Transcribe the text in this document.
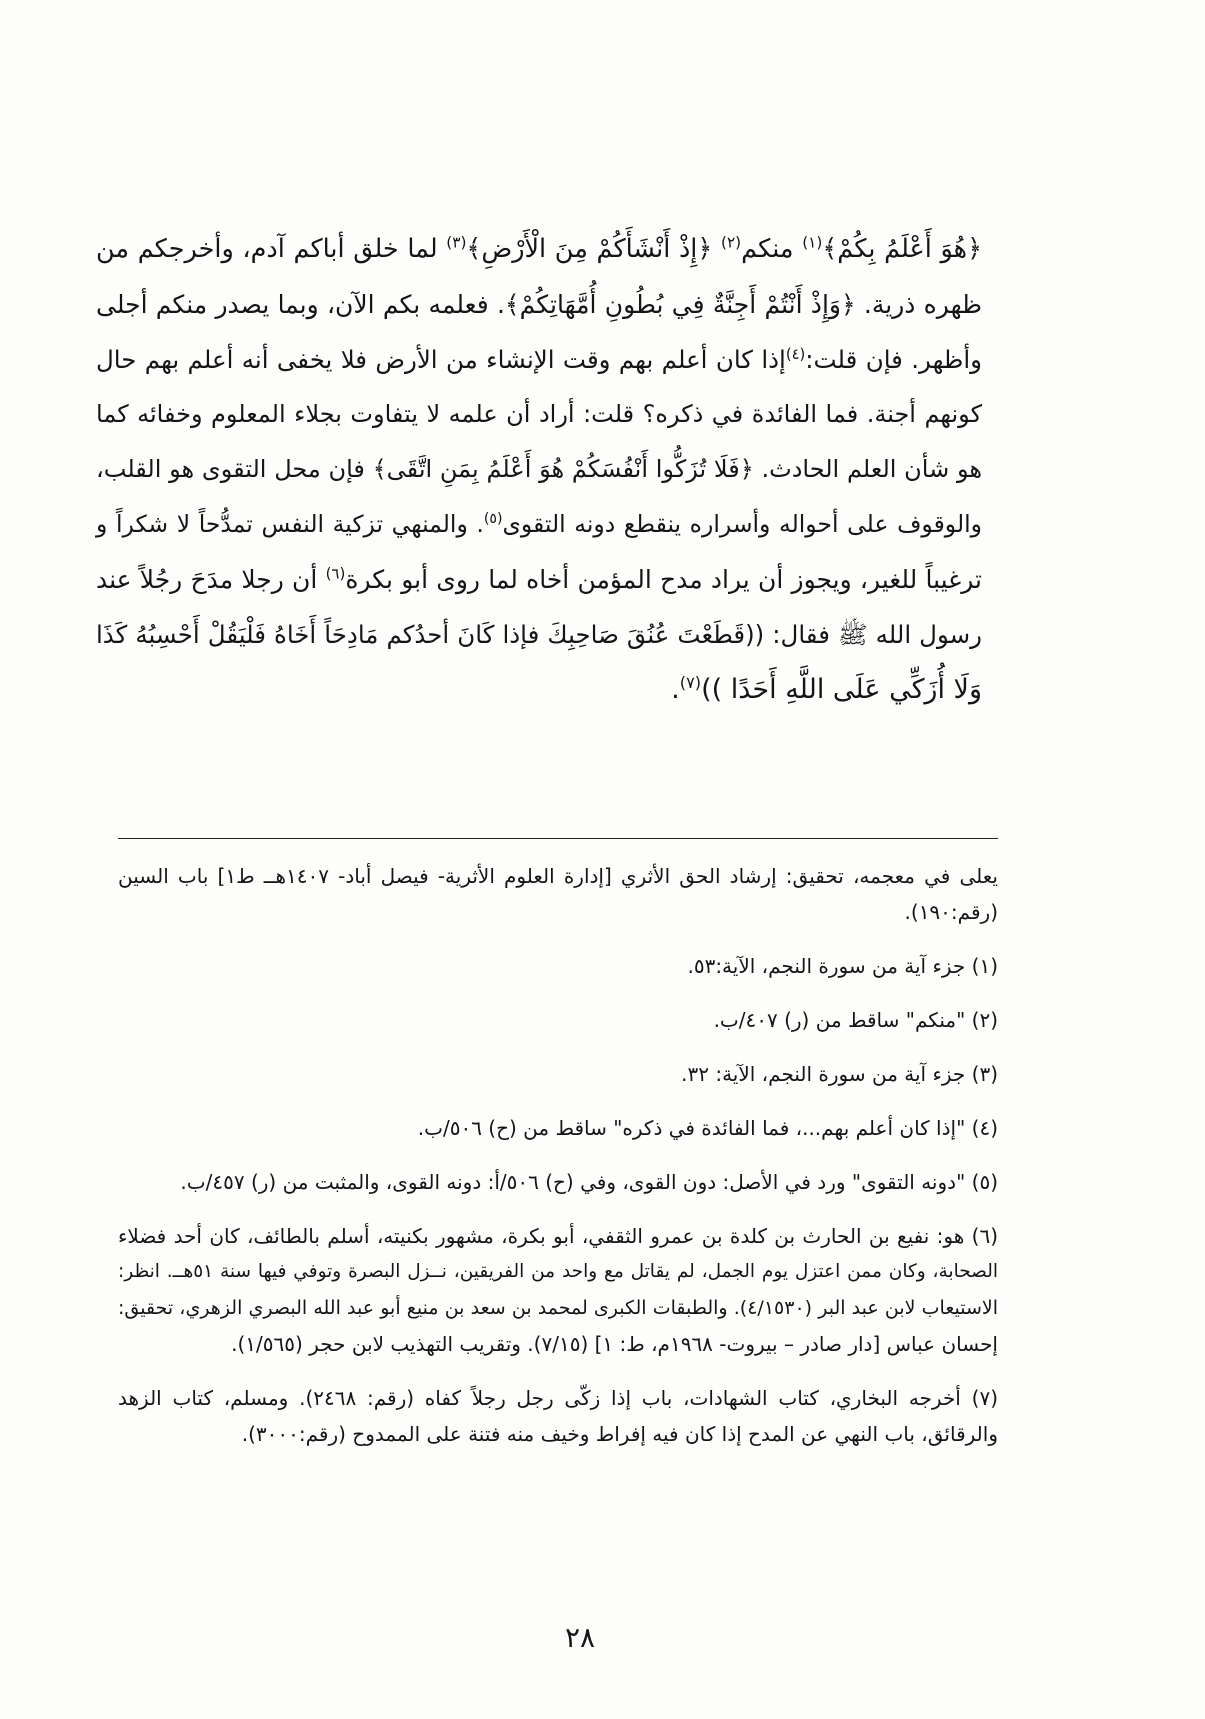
﴿هُوَ أَعْلَمُ بِكُمْ﴾$^{(١)}$ منكم$^{(٢)}$ ﴿إِذْ أَنْشَأَكُمْ مِنَ الْأَرْضِ﴾$^{(٣)}$ لما خلق أباكم آدم، وأخرجكم من
ظهره ذرية. ﴿وَإِذْ أَنْتُمْ أَجِنَّةٌ فِي بُطُونِ أُمَّهَاتِكُمْ﴾. فعلمه بكم الآن، وبما يصدر منكم أجلى
وأظهر. فإن قلت:$^{(٤)}$إذا كان أعلم بهم وقت الإنشاء من الأرض فلا يخفى أنه أعلم بهم حال
كونهم أجنة. فما الفائدة في ذكره؟ قلت: أراد أن علمه لا يتفاوت بجلاء المعلوم وخفائه كما
هو شأن العلم الحادث. ﴿فَلَا تُزَكُّوا أَنْفُسَكُمْ هُوَ أَعْلَمُ بِمَنِ اتَّقَى﴾ فإن محل التقوى هو القلب،
والوقوف على أحواله وأسراره ينقطع دونه التقوى$^{(٥)}$. والمنهي تزكية النفس تمدُّحاً لا شكراً و
ترغيباً للغير، ويجوز أن يراد مدح المؤمن أخاه لما روى أبو بكرة$^{(٦)}$ أن رجلا مدَحَ رجُلاً عند
رسول الله ﷺ فقال: ((قَطَعْتَ عُنُقَ صَاحِبِكَ فإذا كَانَ أحدُكم مَادِحَاً أَخَاهُ فَلْيَقُلْ أَحْسِبُهُ كَذَا
وَلَا أُزَكِّي عَلَى اللَّهِ أَحَدًا ))$^{(٧)}$.
يعلى في معجمه، تحقيق: إرشاد الحق الأثري [إدارة العلوم الأثرية- فيصل أباد- ١٤٠٧هــ ط١] باب السين
(رقم:١٩٠).
(١) جزء آية من سورة النجم، الآية:٥٣.
(٢) "منكم" ساقط من (ر) ٤٠٧/ب.
(٣) جزء آية من سورة النجم، الآية: ٣٢.
(٤) "إذا كان أعلم بهم...، فما الفائدة في ذكره" ساقط من (ح) ٥٠٦/ب.
(٥) "دونه التقوى" ورد في الأصل: دون القوى، وفي (ح) ٥٠٦/أ: دونه القوى، والمثبت من (ر) ٤٥٧/ب.
(٦) هو: نفيع بن الحارث بن كلدة بن عمرو الثقفي، أبو بكرة، مشهور بكنيته، أسلم بالطائف، كان أحد فضلاء
الصحابة، وكان ممن اعتزل يوم الجمل، لم يقاتل مع واحد من الفريقين، نــزل البصرة وتوفي فيها سنة ٥١هــ. انظر:
الاستيعاب لابن عبد البر (٤/١٥٣٠). والطبقات الكبرى لمحمد بن سعد بن منيع أبو عبد الله البصري الزهري، تحقيق:
إحسان عباس [دار صادر – بيروت- ١٩٦٨م، ط: ١] (٧/١٥). وتقريب التهذيب لابن حجر (١/٥٦٥).
(٧) أخرجه البخاري، كتاب الشهادات، باب إذا زكّى رجل رجلاً كفاه (رقم: ٢٤٦٨). ومسلم، كتاب الزهد
والرقائق، باب النهي عن المدح إذا كان فيه إفراط وخيف منه فتنة على الممدوح (رقم:٣٠٠٠).
٢٨
